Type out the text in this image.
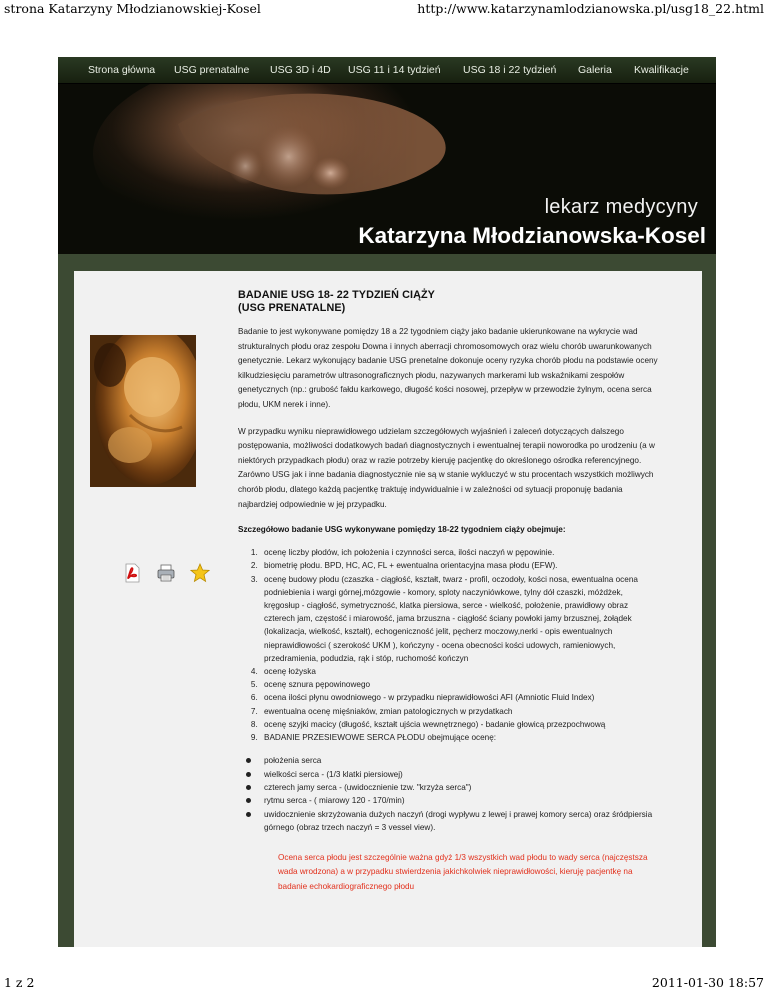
strona Katarzyny Młodzianowskiej-Kosel	http://www.katarzynamlodzianowska.pl/usg18_22.html
Strona główna USG prenatalne USG 3D i 4D USG 11 i 14 tydzień USG 18 i 22 tydzień Galeria Kwalifikacje
lekarz medycyny
Katarzyna Młodzianowska-Kosel
BADANIE USG 18- 22 TYDZIEŃ CIĄŻY
(USG PRENATALNE)

Badanie to jest wykonywane pomiędzy 18 a 22 tygodniem ciąży jako badanie ukierunkowane na wykrycie wad strukturalnych płodu oraz zespołu Downa i innych aberracji chromosomowych oraz wielu chorób uwarunkowanych genetycznie. Lekarz wykonujący badanie USG prenetalne dokonuje oceny ryzyka chorób płodu na podstawie oceny kilkudziesięciu parametrów ultrasonograficznych płodu, nazywanych markerami lub wskaźnikami zespołów genetycznych (np.: grubość fałdu karkowego, długość kości nosowej, przepływ w przewodzie żylnym, ocena serca płodu, UKM nerek i inne).

W przypadku wyniku nieprawidłowego udzielam szczegółowych wyjaśnień i zaleceń dotyczących dalszego postępowania, możliwości dodatkowych badań diagnostycznych i ewentualnej terapii noworodka po urodzeniu (a w niektórych przypadkach płodu) oraz w razie potrzeby kieruję pacjentkę do określonego ośrodka referencyjnego. Zarówno USG jak i inne badania diagnostycznie nie są w stanie wykluczyć w stu procentach wszystkich możliwych chorób płodu, dlatego każdą pacjentkę traktuję indywidualnie i w zależności od sytuacji proponuję badania najbardziej odpowiednie w jej przypadku.

Szczegółowo badanie USG wykonywane pomiędzy 18-22 tygodniem ciąży obejmuje:

1. ocenę liczby płodów, ich położenia i czynności serca, ilości naczyń w pępowinie.
2. biometrię płodu. BPD, HC, AC, FL + ewentualna orientacyjna masa płodu (EFW).
3. ocenę budowy płodu (czaszka - ciągłość, kształt, twarz - profil, oczodoły, kości nosa, ewentualna ocena podniebienia i wargi górnej,mózgowie - komory, sploty naczyniówkowe, tylny dół czaszki, móżdżek, kręgosłup - ciągłość, symetryczność, klatka piersiowa, serce - wielkość, położenie, prawidłowy obraz czterech jam, częstość i miarowość, jama brzuszna - ciągłość ściany powłoki jamy brzusznej, żołądek (lokalizacja, wielkość, kształt), echogeniczność jelit, pęcherz moczowy,nerki - opis ewentualnych nieprawidłowości ( szerokość UKM ), kończyny - ocena obecności kości udowych, ramieniowych, przedramienia, podudzia, rąk i stóp, ruchomość kończyn
4. ocenę łożyska
5. ocenę sznura pępowinowego
6. ocena ilości płynu owodniowego - w przypadku nieprawidłowości AFI (Amniotic Fluid Index)
7. ewentualna ocenę mięśniaków, zmian patologicznych w przydatkach
8. ocenę szyjki macicy (długość, kształt ujścia wewnętrznego) - badanie głowicą przezpochwową
9. BADANIE PRZESIEWOWE SERCA PŁODU obejmujące ocenę:
położenia serca
wielkości serca - (1/3 klatki piersiowej)
czterech jamy serca - (uwidocznienie tzw. "krzyża serca")
rytmu serca - ( miarowy 120 - 170/min)
uwidocznienie skrzyżowania dużych naczyń (drogi wypływu z lewej i prawej komory serca) oraz śródpiersia górnego (obraz trzech naczyń = 3 vessel view).

Ocena serca płodu jest szczególnie ważna gdyż 1/3 wszystkich wad płodu to wady serca (najczęstsza wada wrodzona) a w przypadku stwierdzenia jakichkolwiek nieprawidłowości, kieruję pacjentkę na badanie echokardiograficznego płodu

1 z 2	2011-01-30 18:57
